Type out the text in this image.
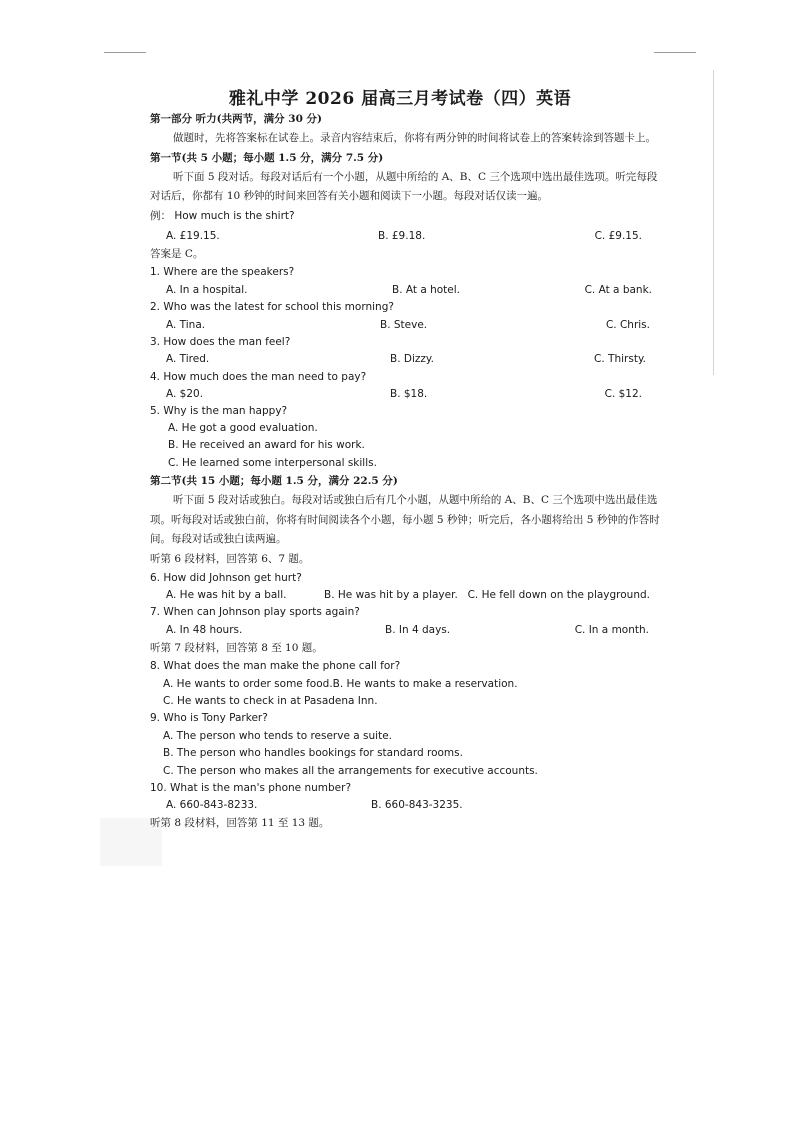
雅礼中学 2026 届高三月考试卷（四）英语
第一部分 听力(共两节，满分 30 分)
做题时，先将答案标在试卷上。录音内容结束后，你将有两分钟的时间将试卷上的答案转涂到答题卡上。
第一节(共 5 小题；每小题 1.5 分，满分 7.5 分)
听下面 5 段对话。每段对话后有一个小题，从题中所给的 A、B、C 三个选项中选出最佳选项。听完每段
对话后，你都有 10 秒钟的时间来回答有关小题和阅读下一小题。每段对话仅读一遍。
例： How much is the shirt?
A. £19.15.	B. £9.18.	C. £9.15.
答案是 C。
1. Where are the speakers?
A. In a hospital.	B. At a hotel.	C. At a bank.
2. Who was the latest for school this morning?
A. Tina.	B. Steve.	C. Chris.
3. How does the man feel?
A. Tired.	B. Dizzy.	C. Thirsty.
4. How much does the man need to pay?
A. $20.	B. $18.	C. $12.
5. Why is the man happy?
A. He got a good evaluation.
B. He received an award for his work.
C. He learned some interpersonal skills.
第二节(共 15 小题；每小题 1.5 分，满分 22.5 分)
听下面 5 段对话或独白。每段对话或独白后有几个小题，从题中所给的 A、B、C 三个选项中选出最佳选
项。听每段对话或独白前，你将有时间阅读各个小题，每小题 5 秒钟；听完后，各小题将给出 5 秒钟的作答时
间。每段对话或独白读两遍。
听第 6 段材料，回答第 6、7 题。
6. How did Johnson get hurt?
A. He was hit by a ball.	B. He was hit by a player. C. He fell down on the playground.
7. When can Johnson play sports again?
A. In 48 hours.	B. In 4 days.	C. In a month.
听第 7 段材料，回答第 8 至 10 题。
8. What does the man make the phone call for?
A. He wants to order some food.B. He wants to make a reservation.
C. He wants to check in at Pasadena Inn.
9. Who is Tony Parker?
A. The person who tends to reserve a suite.
B. The person who handles bookings for standard rooms.
C. The person who makes all the arrangements for executive accounts.
10. What is the man's phone number?
A. 660-843-8233.	B. 660-843-3235.
听第 8 段材料，回答第 11 至 13 题。
